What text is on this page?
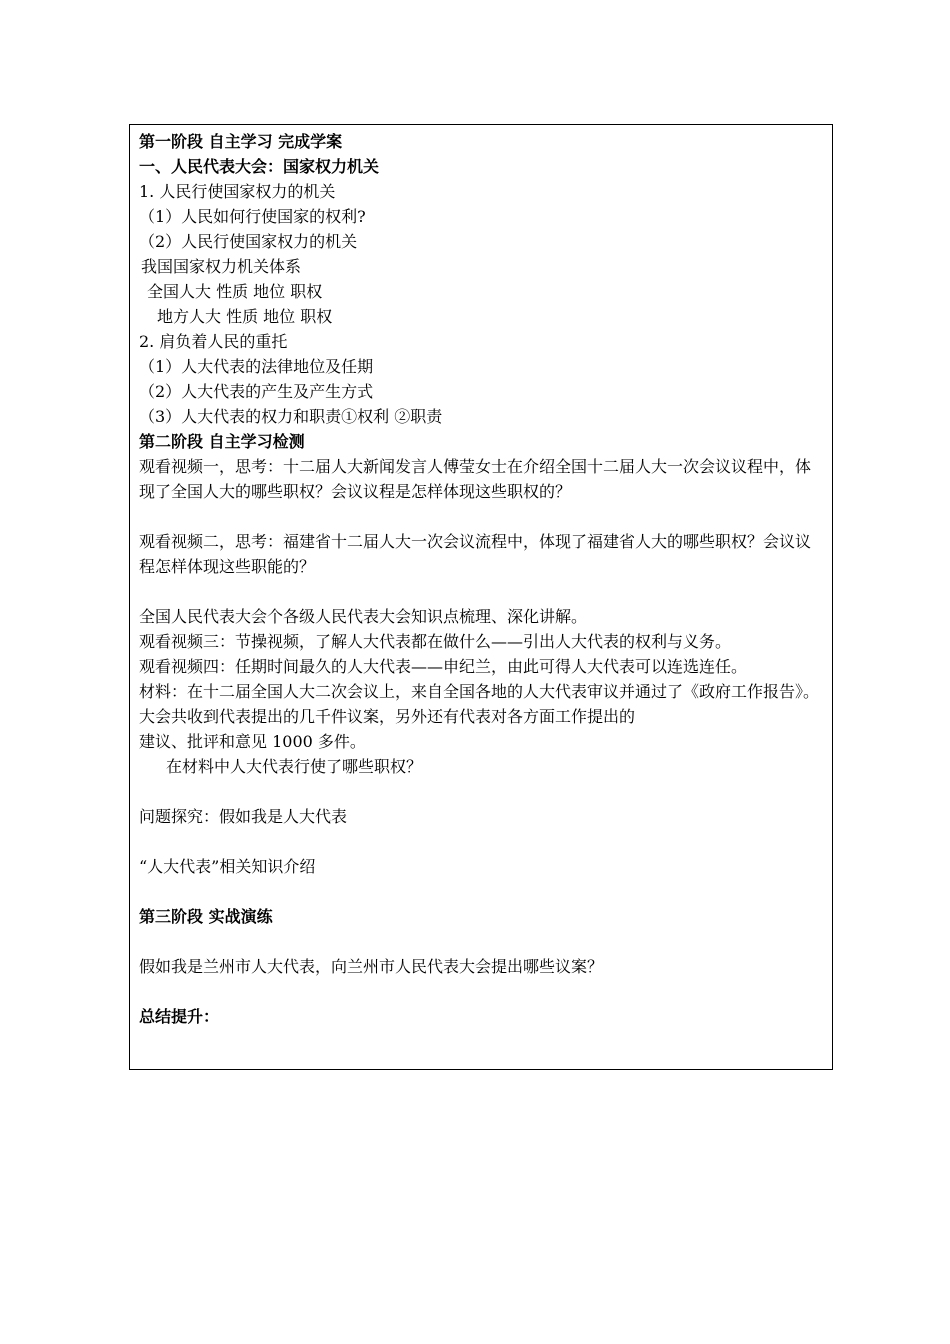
第一阶段 自主学习 完成学案
一、人民代表大会：国家权力机关
1. 人民行使国家权力的机关
（1）人民如何行使国家的权利?
（2）人民行使国家权力的机关
我国国家权力机关体系
全国人大 性质 地位 职权
地方人大 性质 地位 职权
2. 肩负着人民的重托
（1）人大代表的法律地位及任期
（2）人大代表的产生及产生方式
（3）人大代表的权力和职责①权利 ②职责
第二阶段 自主学习检测
观看视频一，思考：十二届人大新闻发言人傅莹女士在介绍全国十二届人大一次会议议程中，体现了全国人大的哪些职权？会议议程是怎样体现这些职权的？
观看视频二，思考：福建省十二届人大一次会议流程中，体现了福建省人大的哪些职权？会议议程怎样体现这些职能的？
全国人民代表大会个各级人民代表大会知识点梳理、深化讲解。
观看视频三：节操视频，了解人大代表都在做什么——引出人大代表的权利与义务。
观看视频四：任期时间最久的人大代表——申纪兰，由此可得人大代表可以连选连任。
材料：在十二届全国人大二次会议上，来自全国各地的人大代表审议并通过了《政府工作报告》。大会共收到代表提出的几千件议案，另外还有代表对各方面工作提出的
建议、批评和意见 1000 多件。
在材料中人大代表行使了哪些职权？
问题探究：假如我是人大代表
“人大代表”相关知识介绍
第三阶段 实战演练
假如我是兰州市人大代表，向兰州市人民代表大会提出哪些议案？
总结提升：
